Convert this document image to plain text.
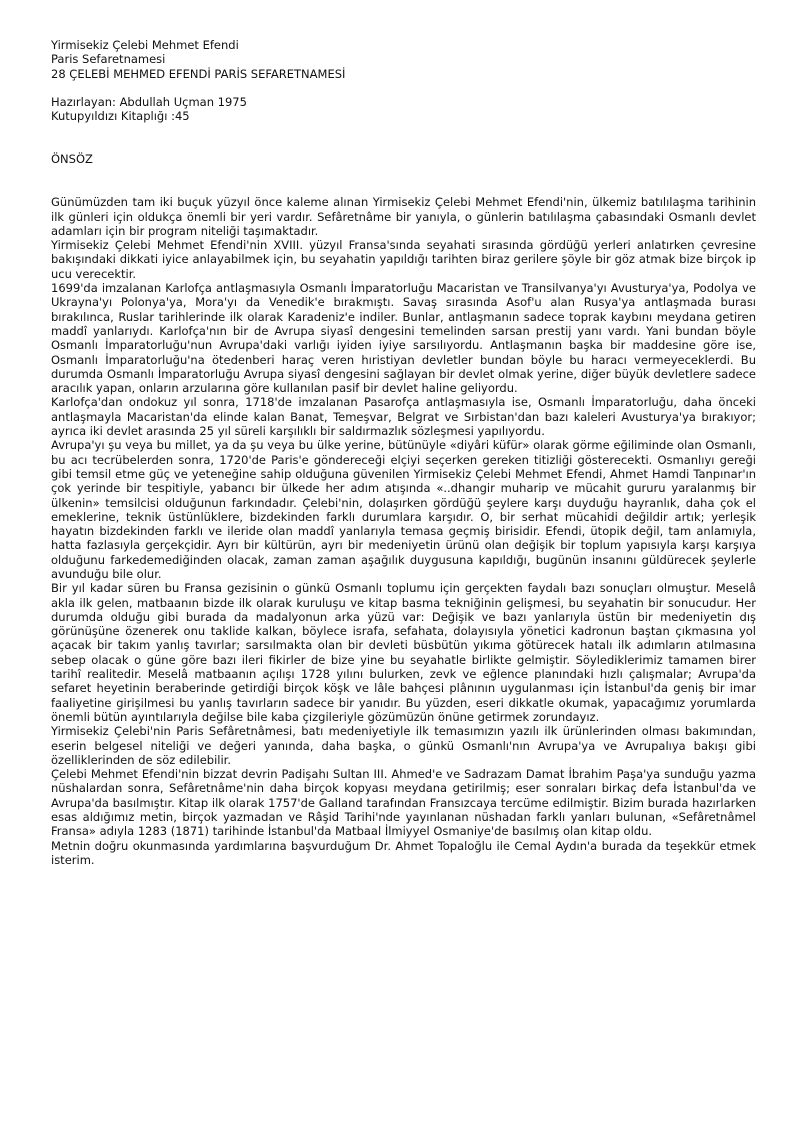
Yirmisekiz Çelebi Mehmet Efendi
Paris Sefaretnamesi
28 ÇELEBİ MEHMED EFENDİ PARİS SEFARETNAMESİ
Hazırlayan: Abdullah Uçman 1975
Kutupyıldızı Kitaplığı :45
ÖNSÖZ

Günümüzden tam iki buçuk yüzyıl önce kaleme alınan Yirmisekiz Çelebi Mehmet Efendi'nin, ülkemiz batılılaşma tarihinin ilk günleri için oldukça önemli bir yeri vardır. Sefâretnâme bir yanıyla, o günlerin batılılaşma çabasındaki Osmanlı devlet adamları için bir program niteliği taşımaktadır.

Yirmisekiz Çelebi Mehmet Efendi'nin XVIII. yüzyıl Fransa'sında seyahati sırasında gördüğü yerleri anlatırken çevresine bakışındaki dikkati iyice anlayabilmek için, bu seyahatin yapıldığı tarihten biraz gerilere şöyle bir göz atmak bize birçok ip ucu verecektir.

1699'da imzalanan Karlofça antlaşmasıyla Osmanlı İmparatorluğu Macaristan ve Transilvanya'yı Avusturya'ya, Podolya ve Ukrayna'yı Polonya'ya, Mora'yı da Venedik'e bırakmıştı. Savaş sırasında Asof'u alan Rusya'ya antlaşmada burası bırakılınca, Ruslar tarihlerinde ilk olarak Karadeniz'e indiler. Bunlar, antlaşmanın sadece toprak kaybını meydana getiren maddî yanlarıydı. Karlofça'nın bir de Avrupa siyasî dengesini temelinden sarsan prestij yanı vardı. Yani bundan böyle Osmanlı İmparatorluğu'nun Avrupa'daki varlığı iyiden iyiye sarsılıyordu. Antlaşmanın başka bir maddesine göre ise, Osmanlı İmparatorluğu'na ötedenberi haraç veren hıristiyan devletler bundan böyle bu haracı vermeyeceklerdi. Bu durumda Osmanlı İmparatorluğu Avrupa siyasî dengesini sağlayan bir devlet olmak yerine, diğer büyük devletlere sadece aracılık yapan, onların arzularına göre kullanılan pasif bir devlet haline geliyordu.

Karlofça'dan ondokuz yıl sonra, 1718'de imzalanan Pasarofça antlaşmasıyla ise, Osmanlı İmparatorluğu, daha önceki antlaşmayla Macaristan'da elinde kalan Banat, Temeşvar, Belgrat ve Sırbistan'dan bazı kaleleri Avusturya'ya bırakıyor; ayrıca iki devlet arasında 25 yıl süreli karşılıklı bir saldırmazlık sözleşmesi yapılıyordu.

Avrupa'yı şu veya bu millet, ya da şu veya bu ülke yerine, bütünüyle «diyâri küfür» olarak görme eğiliminde olan Osmanlı, bu acı tecrübelerden sonra, 1720'de Paris'e göndereceği elçiyi seçerken gereken titizliği gösterecekti. Osmanlıyı gereği gibi temsil etme güç ve yeteneğine sahip olduğuna güvenilen Yirmisekiz Çelebi Mehmet Efendi, Ahmet Hamdi Tanpınar'ın çok yerinde bir tespitiyle, yabancı bir ülkede her adım atışında «..dhangir muharip ve mücahit gururu yaralanmış bir ülkenin» temsilcisi olduğunun farkındadır. Çelebi'nin, dolaşırken gördüğü şeylere karşı duyduğu hayranlık, daha çok el emeklerine, teknik üstünlüklere, bizdekinden farklı durumlara karşıdır. O, bir serhat mücahidi değildir artık; yerleşik hayatın bizdekinden farklı ve ileride olan maddî yanlarıyla temasa geçmiş birisidir. Efendi, ütopik değil, tam anlamıyla, hatta fazlasıyla gerçekçidir. Ayrı bir kültürün, ayrı bir medeniyetin ürünü olan değişik bir toplum yapısıyla karşı karşıya olduğunu farkedemediğinden olacak, zaman zaman aşağılık duygusuna kapıldığı, bugünün insanını güldürecek şeylerle avunduğu bile olur.

Bir yıl kadar süren bu Fransa gezisinin o günkü Osmanlı toplumu için gerçekten faydalı bazı sonuçları olmuştur. Meselâ akla ilk gelen, matbaanın bizde ilk olarak kuruluşu ve kitap basma tekniğinin gelişmesi, bu seyahatin bir sonucudur. Her durumda olduğu gibi burada da madalyonun arka yüzü var: Değişik ve bazı yanlarıyla üstün bir medeniyetin dış görünüşüne özenerek onu taklide kalkan, böylece israfa, sefahata, dolayısıyla yönetici kadronun baştan çıkmasına yol açacak bir takım yanlış tavırlar; sarsılmakta olan bir devleti büsbütün yıkıma götürecek hatalı ilk adımların atılmasına sebep olacak o güne göre bazı ileri fikirler de bize yine bu seyahatle birlikte gelmiştir. Söylediklerimiz tamamen birer tarihî realitedir. Meselâ matbaanın açılışı 1728 yılını bulurken, zevk ve eğlence planındaki hızlı çalışmalar; Avrupa'da sefaret heyetinin beraberinde getirdiği birçok köşk ve lâle bahçesi plânının uygulanması için İstanbul'da geniş bir imar faaliyetine girişilmesi bu yanlış tavırların sadece bir yanıdır. Bu yüzden, eseri dikkatle okumak, yapacağımız yorumlarda önemli bütün ayıntılarıyla değilse bile kaba çizgileriyle gözümüzün önüne getirmek zorundayız.

Yirmisekiz Çelebi'nin Paris Sefâretnâmesi, batı medeniyetiyle ilk temasımızın yazılı ilk ürünlerinden olması bakımından, eserin belgesel niteliği ve değeri yanında, daha başka, o günkü Osmanlı'nın Avrupa'ya ve Avrupalıya bakışı gibi özelliklerinden de söz edilebilir.

Çelebi Mehmet Efendi'nin bizzat devrin Padişahı Sultan III. Ahmed'e ve Sadrazam Damat İbrahim Paşa'ya sunduğu yazma nüshalardan sonra, Sefâretnâme'nin daha birçok kopyası meydana getirilmiş; eser sonraları birkaç defa İstanbul'da ve Avrupa'da basılmıştır. Kitap ilk olarak 1757'de Galland tarafından Fransızcaya tercüme edilmiştir. Bizim burada hazırlarken esas aldığımız metin, birçok yazmadan ve Râşid Tarihi'nde yayınlanan nüshadan farklı yanları bulunan, «Sefâretnâmel Fransa» adıyla 1283 (1871) tarihinde İstanbul'da Matbaal İlmiyyel Osmaniye'de basılmış olan kitap oldu.

Metnin doğru okunmasında yardımlarına başvurduğum Dr. Ahmet Topaloğlu ile Cemal Aydın'a burada da teşekkür etmek isterim.
